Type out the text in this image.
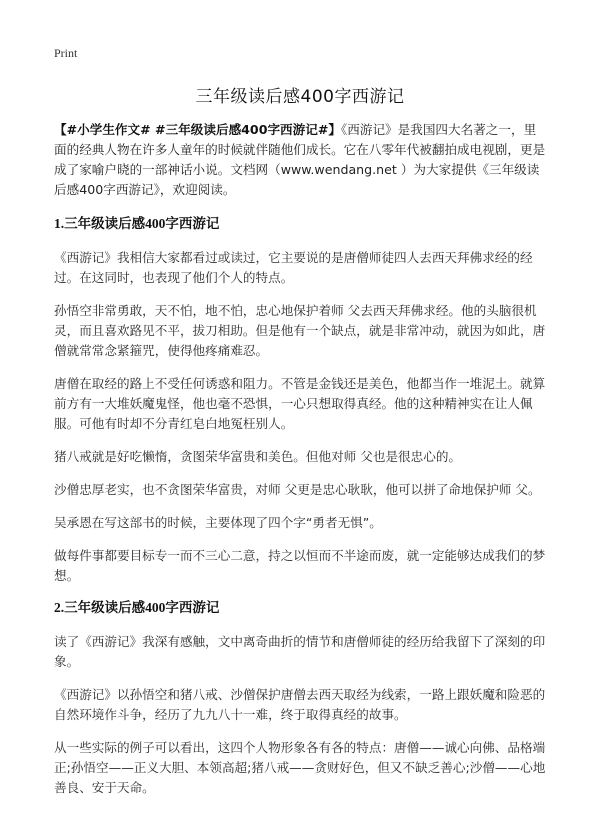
Print
三年级读后感400字西游记

【#小学生作文# #三年级读后感400字西游记#】《西游记》是我国四大名著之一，里面的经典人物在许多人童年的时候就伴随他们成长。它在八零年代被翻拍成电视剧，更是成了家喻户晓的一部神话小说。文档网（www.wendang.net ）为大家提供《三年级读后感400字西游记》，欢迎阅读。

1.三年级读后感400字西游记

《西游记》我相信大家都看过或读过，它主要说的是唐僧师徒四人去西天拜佛求经的经过。在这同时，也表现了他们个人的特点。

孙悟空非常勇敢，天不怕，地不怕，忠心地保护着师 父去西天拜佛求经。他的头脑很机灵，而且喜欢路见不平，拔刀相助。但是他有一个缺点，就是非常冲动，就因为如此，唐僧就常常念紧箍咒，使得他疼痛难忍。

唐僧在取经的路上不受任何诱惑和阻力。不管是金钱还是美色，他都当作一堆泥土。就算前方有一大堆妖魔鬼怪，他也毫不恐惧，一心只想取得真经。他的这种精神实在让人佩服。可他有时却不分青红皂白地冤枉别人。

猪八戒就是好吃懒惰，贪图荣华富贵和美色。但他对师 父也是很忠心的。

沙僧忠厚老实，也不贪图荣华富贵，对师 父更是忠心耿耿，他可以拼了命地保护师 父。

吴承恩在写这部书的时候，主要体现了四个字“勇者无惧”。

做每件事都要目标专一而不三心二意，持之以恒而不半途而废，就一定能够达成我们的梦想。

2.三年级读后感400字西游记

读了《西游记》我深有感触，文中离奇曲折的情节和唐僧师徒的经历给我留下了深刻的印象。

《西游记》以孙悟空和猪八戒、沙僧保护唐僧去西天取经为线索，一路上跟妖魔和险恶的自然环境作斗争，经历了九九八十一难，终于取得真经的故事。

从一些实际的例子可以看出，这四个人物形象各有各的特点：唐僧——诚心向佛、品格端正;孙悟空——正义大胆、本领高超;猪八戒——贪财好色，但又不缺乏善心;沙僧——心地善良、安于天命。
